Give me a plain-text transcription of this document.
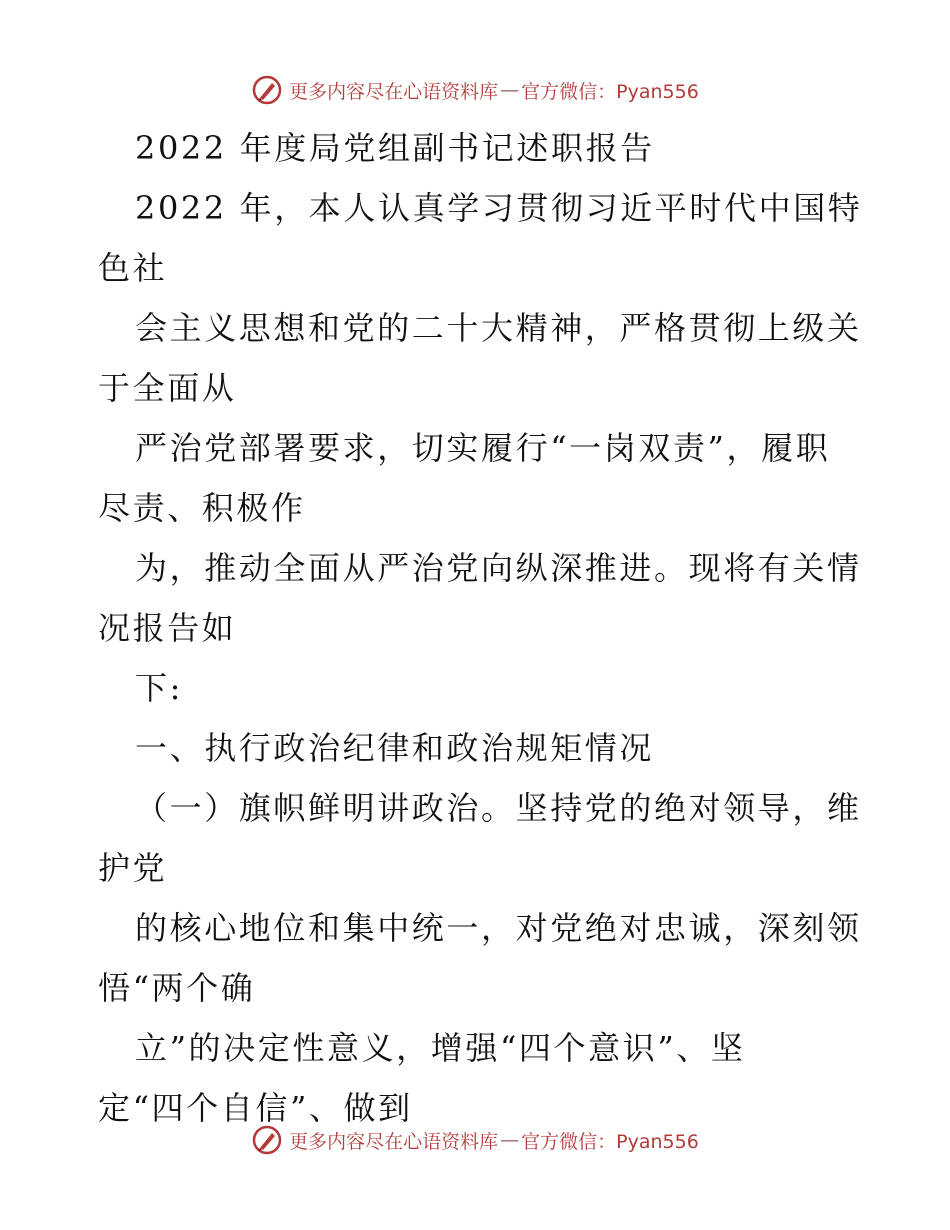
更多内容尽在心语资料库 — 官方微信：Pyan556
2022 年度局党组副书记述职报告
2022 年，本人认真学习贯彻习近平时代中国特
色社
会主义思想和党的二十大精神，严格贯彻上级关
于全面从
严治党部署要求，切实履行“一岗双责”，履职
尽责、积极作
为，推动全面从严治党向纵深推进。现将有关情
况报告如
下:
一、执行政治纪律和政治规矩情况
（一）旗帜鲜明讲政治。坚持党的绝对领导，维
护党
的核心地位和集中统一，对党绝对忠诚，深刻领
悟“两个确
立”的决定性意义，增强“四个意识”、坚
定“四个自信”、做到
更多内容尽在心语资料库 — 官方微信：Pyan556
